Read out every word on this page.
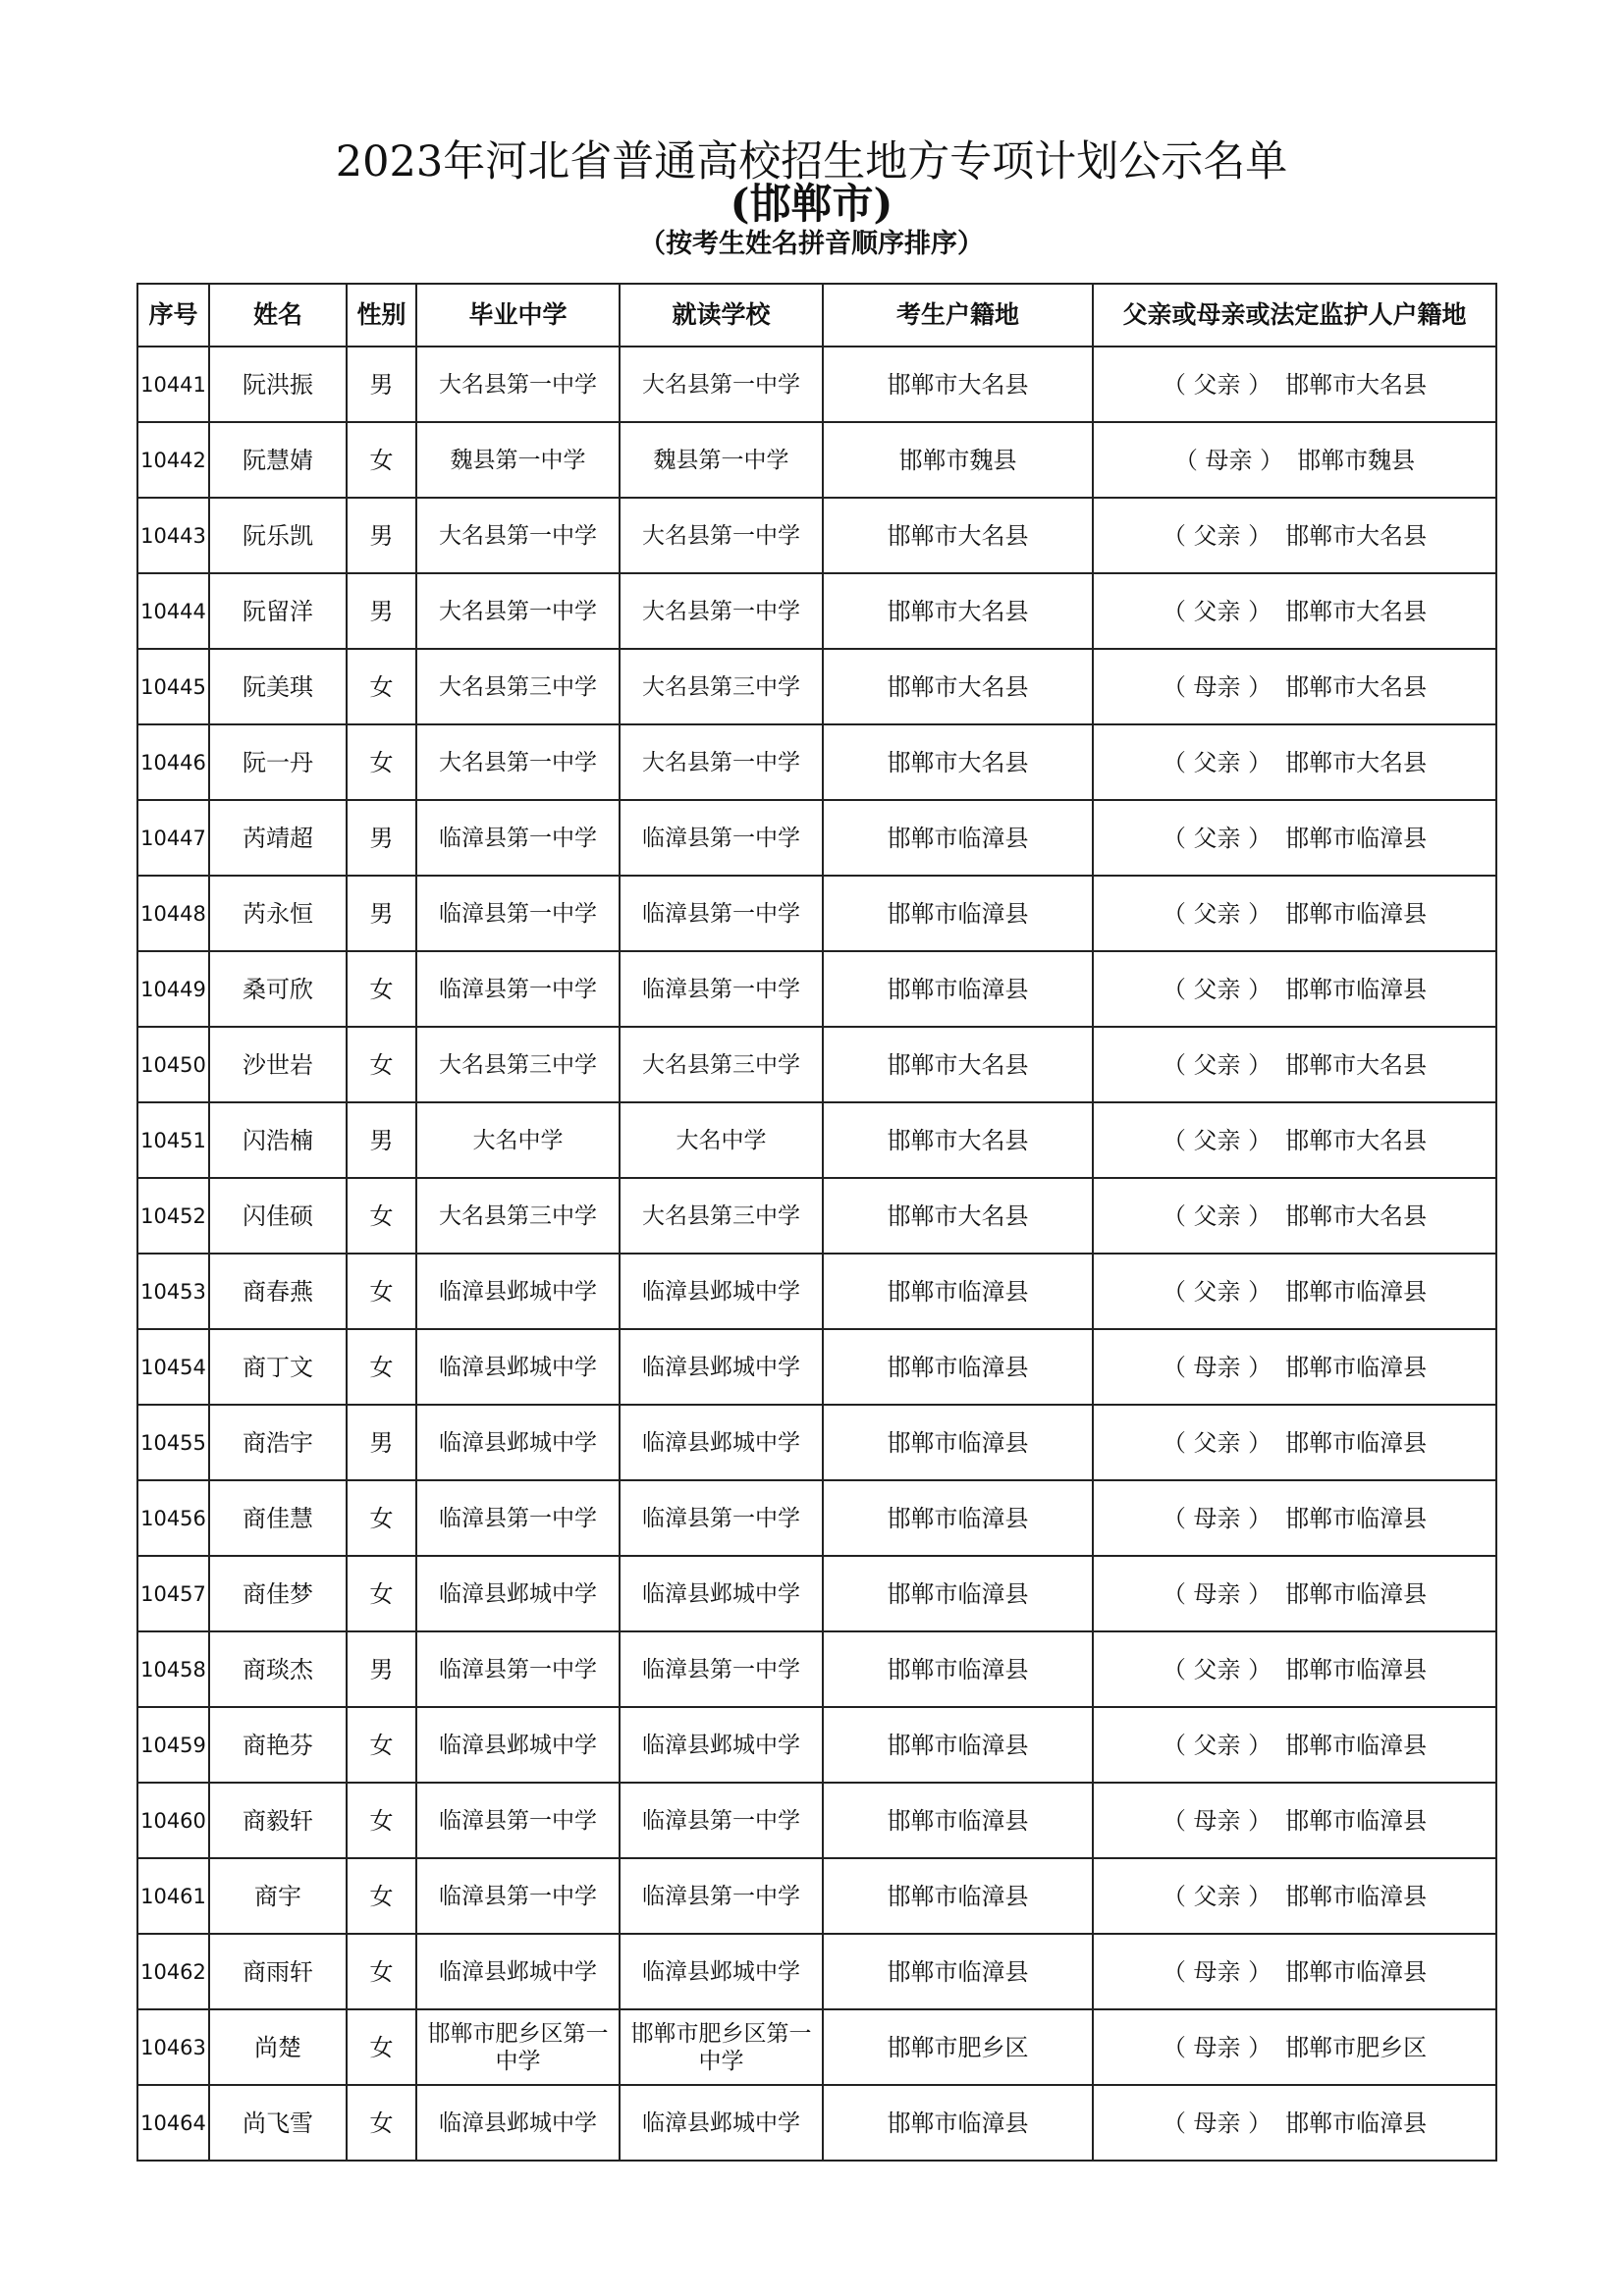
2023年河北省普通高校招生地方专项计划公示名单
(邯郸市)

（按考生姓名拼音顺序排序）

序号	姓名	性别	毕业中学	就读学校	考生户籍地	父亲或母亲或法定监护人户籍地
10441	阮洪振	男	大名县第一中学	大名县第一中学	邯郸市大名县	（ 父亲 ） 邯郸市大名县
10442	阮慧婧	女	魏县第一中学	魏县第一中学	邯郸市魏县	（ 母亲 ） 邯郸市魏县
10443	阮乐凯	男	大名县第一中学	大名县第一中学	邯郸市大名县	（ 父亲 ） 邯郸市大名县
10444	阮留洋	男	大名县第一中学	大名县第一中学	邯郸市大名县	（ 父亲 ） 邯郸市大名县
10445	阮美琪	女	大名县第三中学	大名县第三中学	邯郸市大名县	（ 母亲 ） 邯郸市大名县
10446	阮一丹	女	大名县第一中学	大名县第一中学	邯郸市大名县	（ 父亲 ） 邯郸市大名县
10447	芮靖超	男	临漳县第一中学	临漳县第一中学	邯郸市临漳县	（ 父亲 ） 邯郸市临漳县
10448	芮永恒	男	临漳县第一中学	临漳县第一中学	邯郸市临漳县	（ 父亲 ） 邯郸市临漳县
10449	桑可欣	女	临漳县第一中学	临漳县第一中学	邯郸市临漳县	（ 父亲 ） 邯郸市临漳县
10450	沙世岩	女	大名县第三中学	大名县第三中学	邯郸市大名县	（ 父亲 ） 邯郸市大名县
10451	闪浩楠	男	大名中学	大名中学	邯郸市大名县	（ 父亲 ） 邯郸市大名县
10452	闪佳硕	女	大名县第三中学	大名县第三中学	邯郸市大名县	（ 父亲 ） 邯郸市大名县
10453	商春燕	女	临漳县邺城中学	临漳县邺城中学	邯郸市临漳县	（ 父亲 ） 邯郸市临漳县
10454	商丁文	女	临漳县邺城中学	临漳县邺城中学	邯郸市临漳县	（ 母亲 ） 邯郸市临漳县
10455	商浩宇	男	临漳县邺城中学	临漳县邺城中学	邯郸市临漳县	（ 父亲 ） 邯郸市临漳县
10456	商佳慧	女	临漳县第一中学	临漳县第一中学	邯郸市临漳县	（ 母亲 ） 邯郸市临漳县
10457	商佳梦	女	临漳县邺城中学	临漳县邺城中学	邯郸市临漳县	（ 母亲 ） 邯郸市临漳县
10458	商琰杰	男	临漳县第一中学	临漳县第一中学	邯郸市临漳县	（ 父亲 ） 邯郸市临漳县
10459	商艳芬	女	临漳县邺城中学	临漳县邺城中学	邯郸市临漳县	（ 父亲 ） 邯郸市临漳县
10460	商毅轩	女	临漳县第一中学	临漳县第一中学	邯郸市临漳县	（ 母亲 ） 邯郸市临漳县
10461	商宇	女	临漳县第一中学	临漳县第一中学	邯郸市临漳县	（ 父亲 ） 邯郸市临漳县
10462	商雨轩	女	临漳县邺城中学	临漳县邺城中学	邯郸市临漳县	（ 母亲 ） 邯郸市临漳县
10463	尚楚	女	邯郸市肥乡区第一中学	邯郸市肥乡区第一中学	邯郸市肥乡区	（ 母亲 ） 邯郸市肥乡区
10464	尚飞雪	女	临漳县邺城中学	临漳县邺城中学	邯郸市临漳县	（ 母亲 ） 邯郸市临漳县
